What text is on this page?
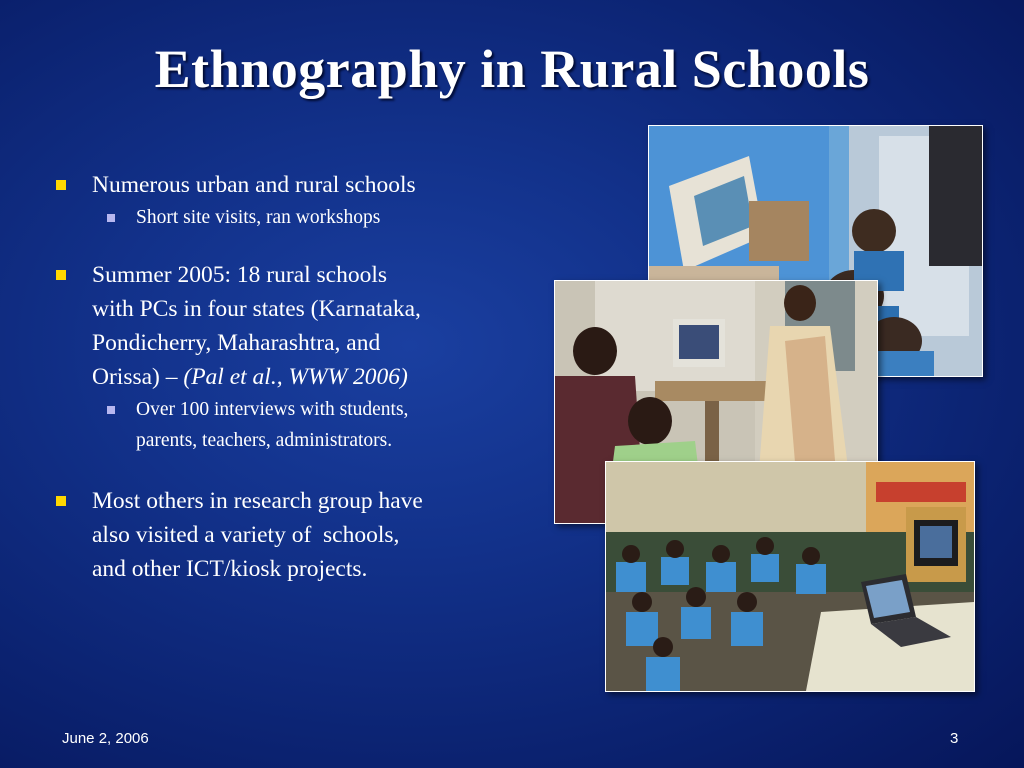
Ethnography in Rural Schools
Numerous urban and rural schools
Short site visits, ran workshops
Summer 2005: 18 rural schools
with PCs in four states (Karnataka,
Pondicherry, Maharashtra, and
Orissa) – (Pal et al., WWW 2006)
Over 100 interviews with students,
parents, teachers, administrators.
Most others in research group have
also visited a variety of  schools,
and other ICT/kiosk projects.
June 2, 2006	3
